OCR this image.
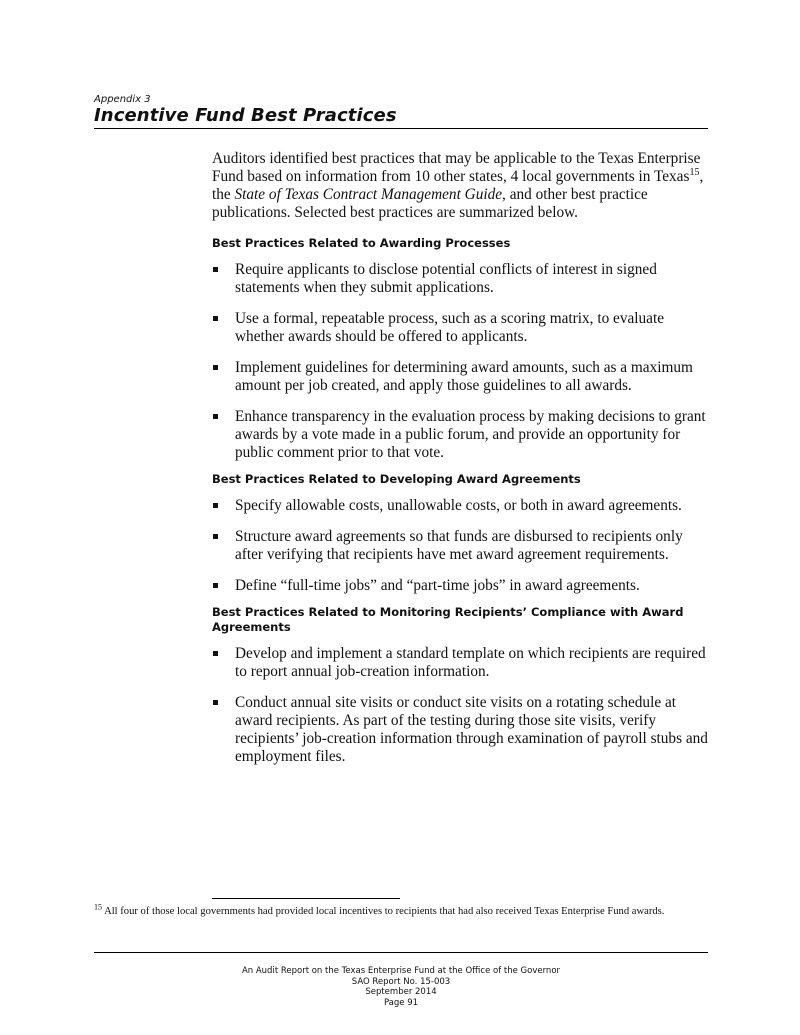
Appendix 3
Incentive Fund Best Practices

Auditors identified best practices that may be applicable to the Texas Enterprise Fund based on information from 10 other states, 4 local governments in Texas$^{15}$, the State of Texas Contract Management Guide, and other best practice publications. Selected best practices are summarized below.

Best Practices Related to Awarding Processes
Require applicants to disclose potential conflicts of interest in signed statements when they submit applications.
Use a formal, repeatable process, such as a scoring matrix, to evaluate whether awards should be offered to applicants.
Implement guidelines for determining award amounts, such as a maximum amount per job created, and apply those guidelines to all awards.
Enhance transparency in the evaluation process by making decisions to grant awards by a vote made in a public forum, and provide an opportunity for public comment prior to that vote.
Best Practices Related to Developing Award Agreements
Specify allowable costs, unallowable costs, or both in award agreements.
Structure award agreements so that funds are disbursed to recipients only after verifying that recipients have met award agreement requirements.
Define “full-time jobs” and “part-time jobs” in award agreements.
Best Practices Related to Monitoring Recipients’ Compliance with Award Agreements
Develop and implement a standard template on which recipients are required to report annual job-creation information.
Conduct annual site visits or conduct site visits on a rotating schedule at award recipients. As part of the testing during those site visits, verify recipients’ job-creation information through examination of payroll stubs and employment files.
$^{15}$ All four of those local governments had provided local incentives to recipients that had also received Texas Enterprise Fund awards.
An Audit Report on the Texas Enterprise Fund at the Office of the Governor
SAO Report No. 15-003
September 2014
Page 91
